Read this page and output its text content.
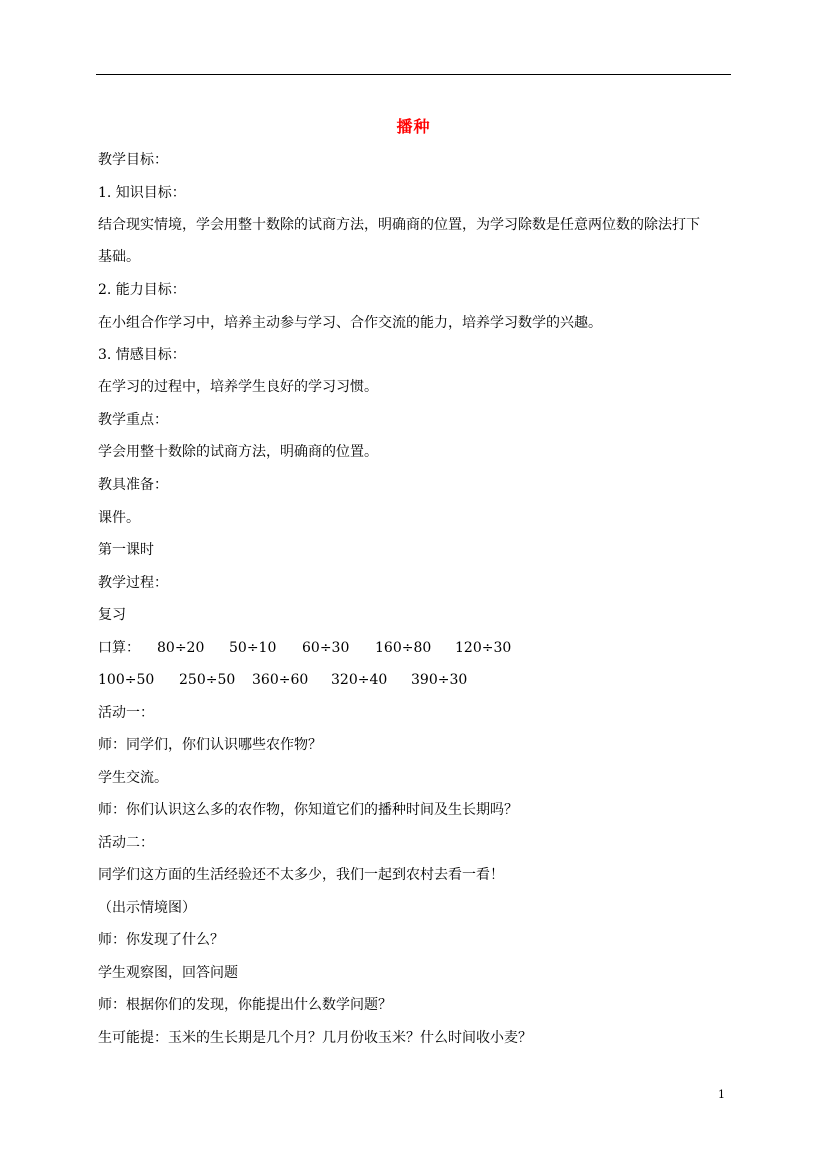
播种
教学目标：
1. 知识目标：
结合现实情境，学会用整十数除的试商方法，明确商的位置，为学习除数是任意两位数的除法打下
基础。
2. 能力目标：
在小组合作学习中，培养主动参与学习、合作交流的能力，培养学习数学的兴趣。
3. 情感目标：
在学习的过程中，培养学生良好的学习习惯。
教学重点：
学会用整十数除的试商方法，明确商的位置。
教具准备：
课件。
第一课时
教学过程：
复习
口算： 80÷20 50÷10 60÷30 160÷80 120÷30
100÷50 250÷50 360÷60 320÷40 390÷30
活动一：
师：同学们，你们认识哪些农作物？
学生交流。
师：你们认识这么多的农作物，你知道它们的播种时间及生长期吗？
活动二：
同学们这方面的生活经验还不太多少，我们一起到农村去看一看！
（出示情境图）
师：你发现了什么？
学生观察图，回答问题
师：根据你们的发现，你能提出什么数学问题？
生可能提：玉米的生长期是几个月？几月份收玉米？什么时间收小麦？
1
